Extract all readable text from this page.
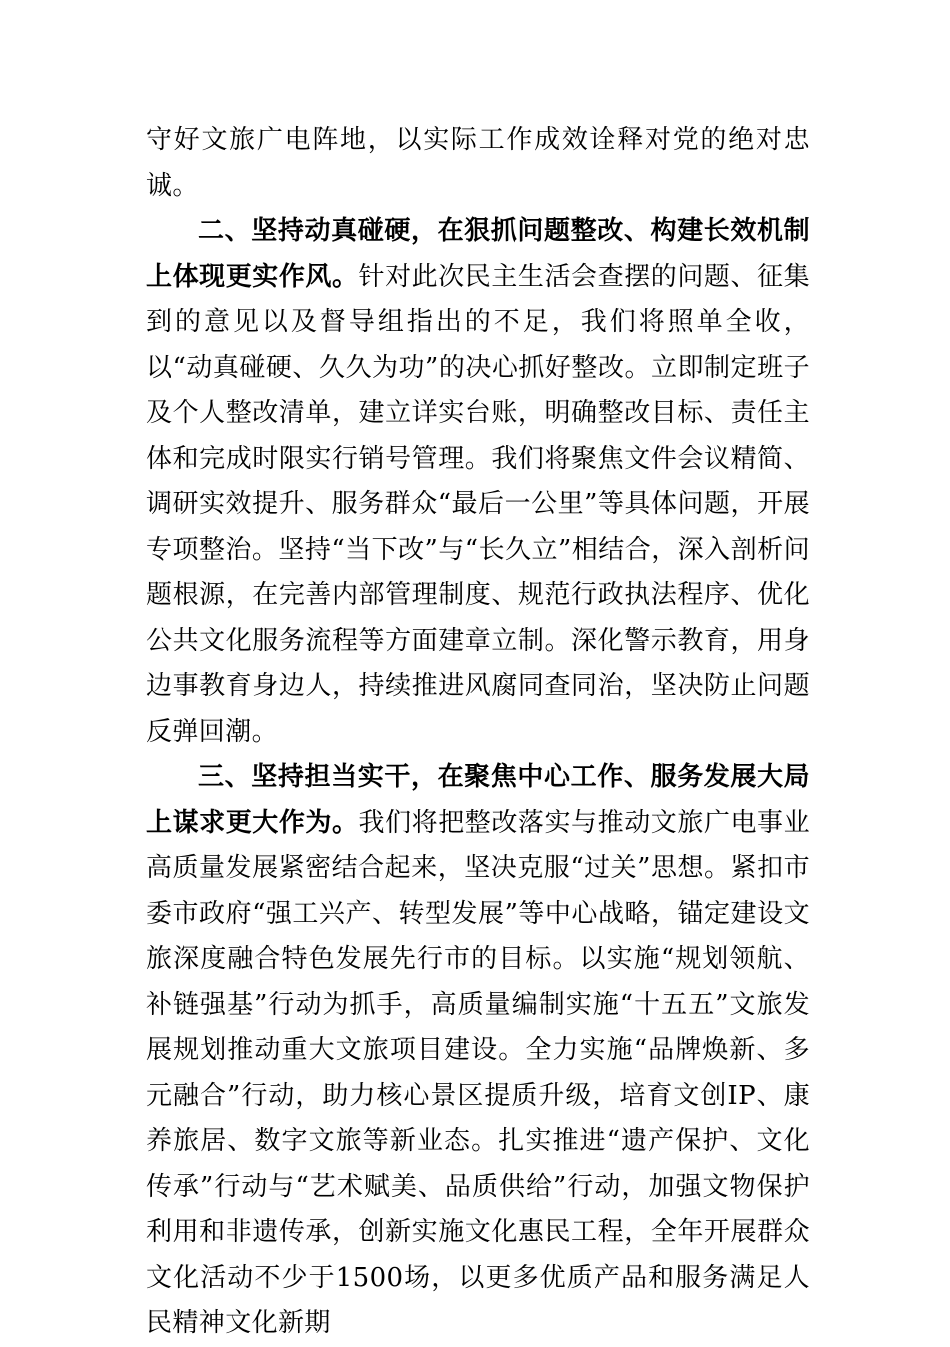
守好文旅广电阵地，以实际工作成效诠释对党的绝对忠诚。

二、坚持动真碰硬，在狠抓问题整改、构建长效机制上体现更实作风。针对此次民主生活会查摆的问题、征集到的意见以及督导组指出的不足，我们将照单全收，以“动真碰硬、久久为功”的决心抓好整改。立即制定班子及个人整改清单，建立详实台账，明确整改目标、责任主体和完成时限实行销号管理。我们将聚焦文件会议精简、调研实效提升、服务群众“最后一公里”等具体问题，开展专项整治。坚持“当下改”与“长久立”相结合，深入剖析问题根源，在完善内部管理制度、规范行政执法程序、优化公共文化服务流程等方面建章立制。深化警示教育，用身边事教育身边人，持续推进风腐同查同治，坚决防止问题反弹回潮。

三、坚持担当实干，在聚焦中心工作、服务发展大局上谋求更大作为。我们将把整改落实与推动文旅广电事业高质量发展紧密结合起来，坚决克服“过关”思想。紧扣市委市政府“强工兴产、转型发展”等中心战略，锚定建设文旅深度融合特色发展先行市的目标。以实施“规划领航、补链强基”行动为抓手，高质量编制实施“十五五”文旅发展规划推动重大文旅项目建设。全力实施“品牌焕新、多元融合”行动，助力核心景区提质升级，培育文创IP、康养旅居、数字文旅等新业态。扎实推进“遗产保护、文化传承”行动与“艺术赋美、品质供给”行动，加强文物保护利用和非遗传承，创新实施文化惠民工程，全年开展群众文化活动不少于1500场，以更多优质产品和服务满足人民精神文化新期
